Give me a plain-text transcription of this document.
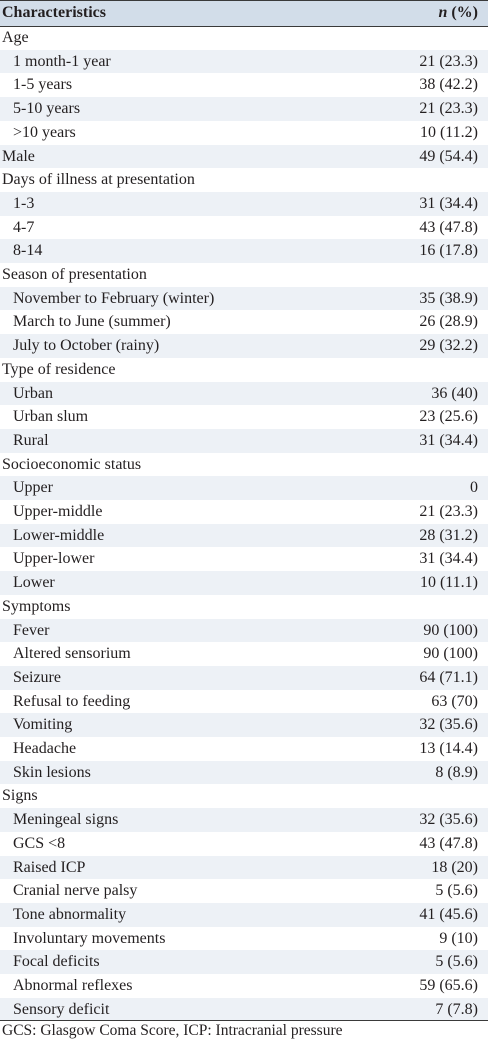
Characteristics	n (%)
Age
1 month-1 year	21 (23.3)
1-5 years	38 (42.2)
5-10 years	21 (23.3)
>10 years	10 (11.2)
Male	49 (54.4)
Days of illness at presentation
1-3	31 (34.4)
4-7	43 (47.8)
8-14	16 (17.8)
Season of presentation
November to February (winter)	35 (38.9)
March to June (summer)	26 (28.9)
July to October (rainy)	29 (32.2)
Type of residence
Urban	36 (40)
Urban slum	23 (25.6)
Rural	31 (34.4)
Socioeconomic status
Upper	0
Upper-middle	21 (23.3)
Lower-middle	28 (31.2)
Upper-lower	31 (34.4)
Lower	10 (11.1)
Symptoms
Fever	90 (100)
Altered sensorium	90 (100)
Seizure	64 (71.1)
Refusal to feeding	63 (70)
Vomiting	32 (35.6)
Headache	13 (14.4)
Skin lesions	8 (8.9)
Signs
Meningeal signs	32 (35.6)
GCS <8	43 (47.8)
Raised ICP	18 (20)
Cranial nerve palsy	5 (5.6)
Tone abnormality	41 (45.6)
Involuntary movements	9 (10)
Focal deficits	5 (5.6)
Abnormal reflexes	59 (65.6)
Sensory deficit	7 (7.8)
GCS: Glasgow Coma Score, ICP: Intracranial pressure
